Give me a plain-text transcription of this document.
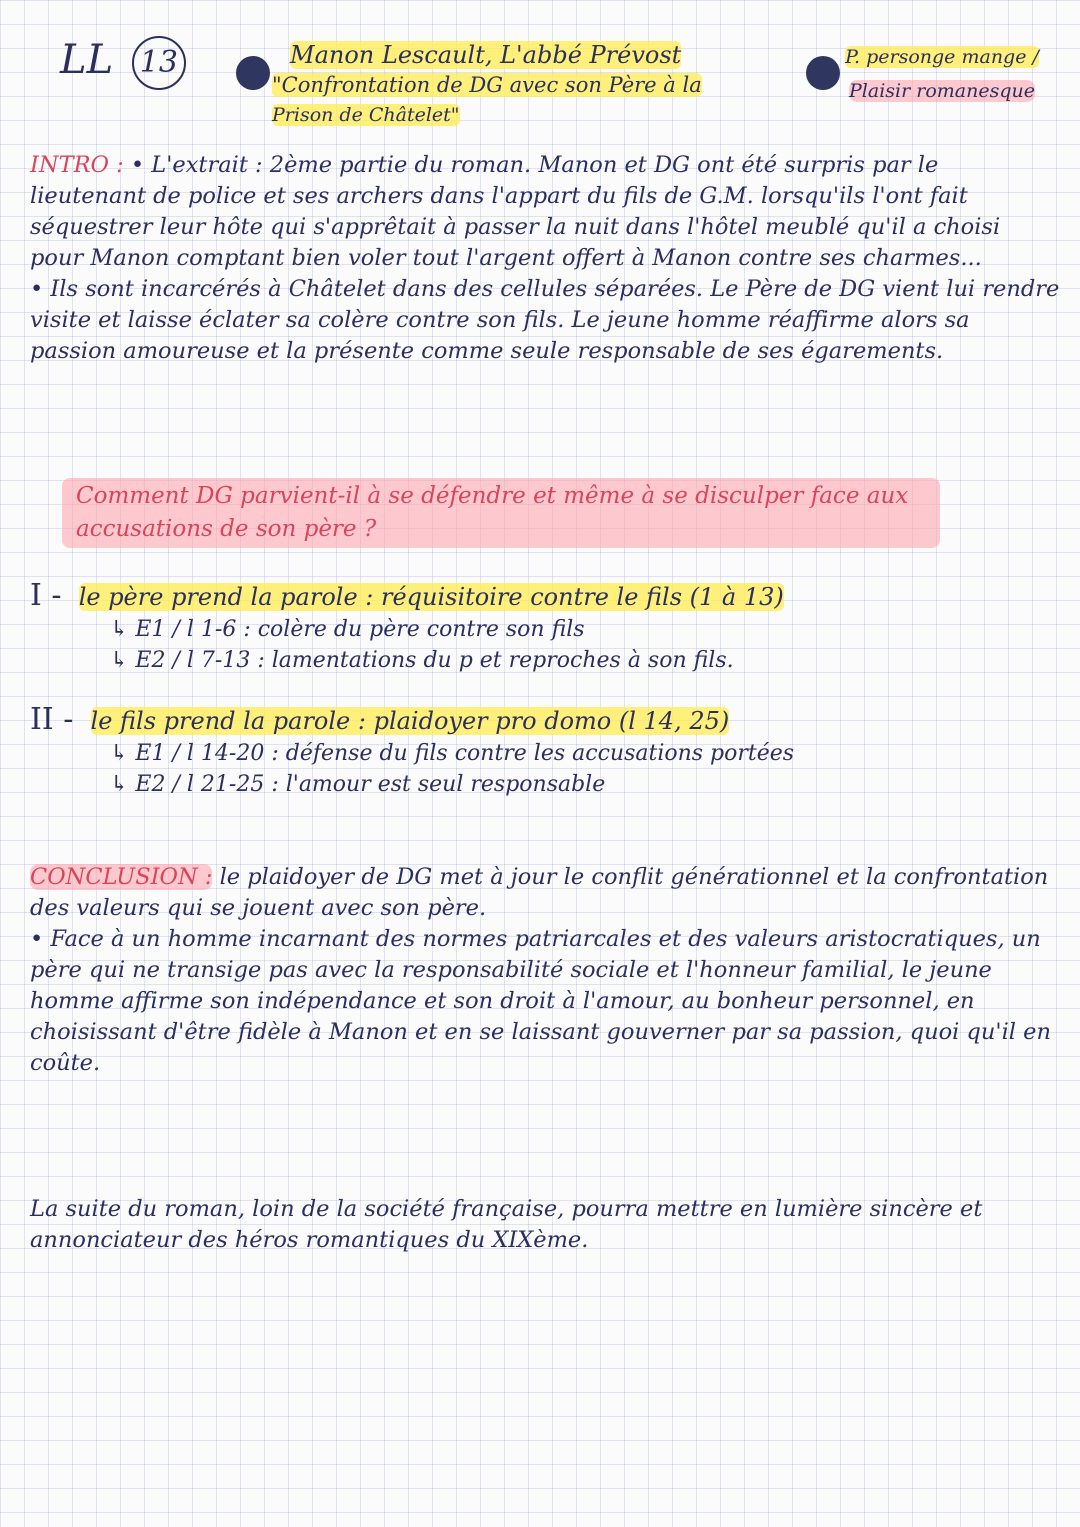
LL 13	Manon Lescault, L'abbé Prévost
"Confrontation de DG avec son Père à la
Prison de Châtelet"
P. personge mange /
Plaisir romanesque

INTRO : • L'extrait : 2ème partie du roman. Manon et DG ont été surpris par le lieutenant de police et ses archers dans l'appart du fils de G.M. lorsqu'ils l'ont fait séquestrer leur hôte qui s'apprêtait à passer la nuit dans l'hôtel meublé qu'il a choisi pour Manon comptant bien voler tout l'argent offert à Manon contre ses charmes...

• Ils sont incarcérés à Châtelet dans des cellules séparées. Le Père de DG vient lui rendre visite et laisse éclater sa colère contre son fils. Le jeune homme réaffirme alors sa passion amoureuse et la présente comme seule responsable de ses égarements.

Comment DG parvient-il à se défendre et même à se disculper face aux accusations de son père ?
I - le père prend la parole : réquisitoire contre le fils (1 à 13)
↳ E1 / l 1-6 : colère du père contre son fils
↳ E2 / l 7-13 : lamentations du p et reproches à son fils.
II - le fils prend la parole : plaidoyer pro domo (l 14, 25)
↳ E1 / l 14-20 : défense du fils contre les accusations portées
↳ E2 / l 21-25 : l'amour est seul responsable

CONCLUSION : le plaidoyer de DG met à jour le conflit générationnel et la confrontation des valeurs qui se jouent avec son père.

• Face à un homme incarnant des normes patriarcales et des valeurs aristocratiques, un père qui ne transige pas avec la responsabilité sociale et l'honneur familial, le jeune homme affirme son indépendance et son droit à l'amour, au bonheur personnel, en choisissant d'être fidèle à Manon et en se laissant gouverner par sa passion, quoi qu'il en coûte.

La suite du roman, loin de la société française, pourra mettre en lumière sincère et annonciateur des héros romantiques du XIXème.
